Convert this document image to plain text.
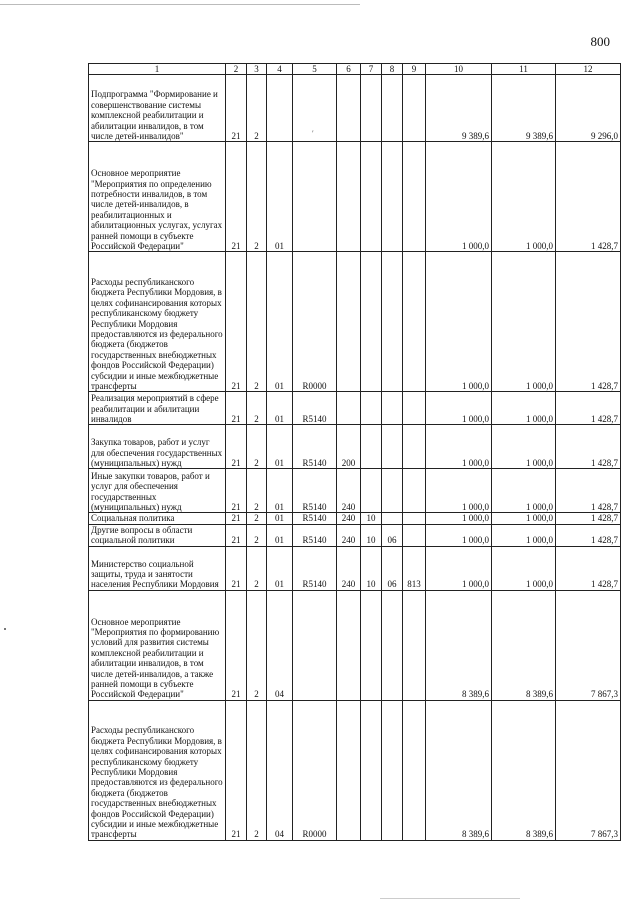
800
1	2	3	4	5	6	7	8	9	10	11	12
Подпрограмма "Формирование и совершенствование системы комплексной реабилитации и абилитации инвалидов, в том числе детей-инвалидов"	21	2							9 389,6	9 389,6	9 296,0
Основное мероприятие "Мероприятия по определению потребности инвалидов, в том числе детей-инвалидов, в реабилитационных и абилитационных услугах, услугах ранней помощи в субъекте Российской Федерации"	21	2	01						1 000,0	1 000,0	1 428,7
Расходы республиканского бюджета Республики Мордовия, в целях софинансирования которых республиканскому бюджету Республики Мордовия предоставляются из федерального бюджета (бюджетов государственных внебюджетных фондов Российской Федерации) субсидии и иные межбюджетные трансферты	21	2	01	R0000					1 000,0	1 000,0	1 428,7
Реализация мероприятий в сфере реабилитации и абилитации инвалидов	21	2	01	R5140					1 000,0	1 000,0	1 428,7
Закупка товаров, работ и услуг для обеспечения государственных (муниципальных) нужд	21	2	01	R5140	200				1 000,0	1 000,0	1 428,7
Иные закупки товаров, работ и услуг для обеспечения государственных (муниципальных) нужд	21	2	01	R5140	240				1 000,0	1 000,0	1 428,7
Социальная политика	21	2	01	R5140	240	10			1 000,0	1 000,0	1 428,7
Другие вопросы в области социальной политики	21	2	01	R5140	240	10	06		1 000,0	1 000,0	1 428,7
Министерство социальной защиты, труда и занятости населения Республики Мордовия	21	2	01	R5140	240	10	06	813	1 000,0	1 000,0	1 428,7
Основное мероприятие "Мероприятия по формированию условий для развития системы комплексной реабилитации и абилитации инвалидов, в том числе детей-инвалидов, а также ранней помощи в субъекте Российской Федерации"	21	2	04						8 389,6	8 389,6	7 867,3
Расходы республиканского бюджета Республики Мордовия, в целях софинансирования которых республиканскому бюджету Республики Мордовия предоставляются из федерального бюджета (бюджетов государственных внебюджетных фондов Российской Федерации) субсидии и иные межбюджетные трансферты	21	2	04	R0000					8 389,6	8 389,6	7 867,3
′
